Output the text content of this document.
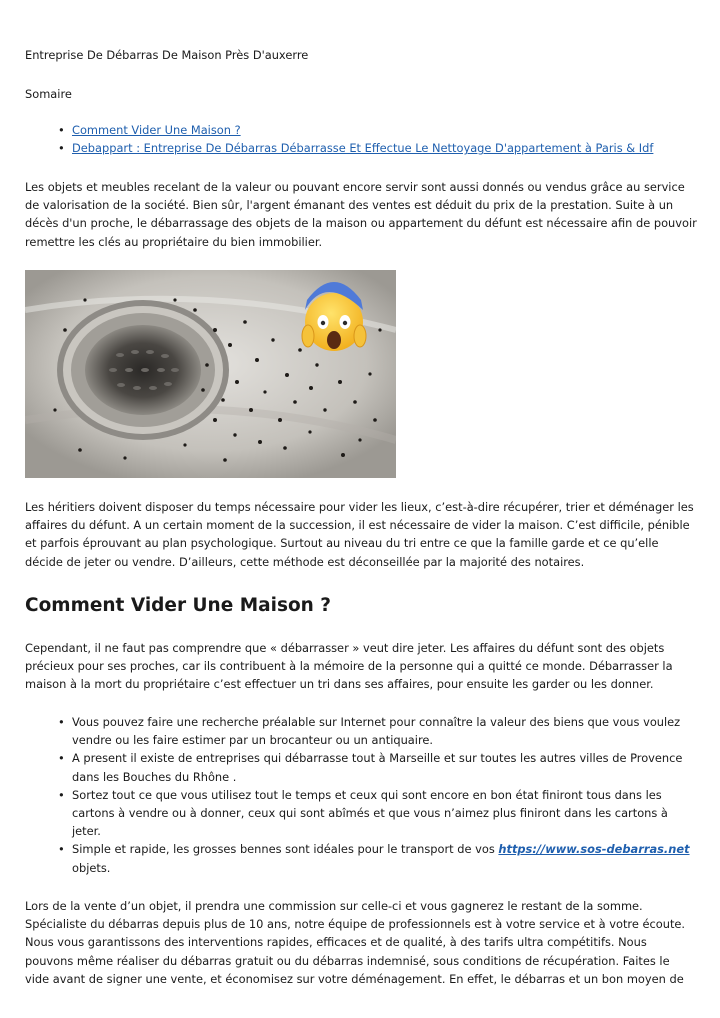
Entreprise De Débarras De Maison Près D'auxerre
Somaire
• Comment Vider Une Maison ?
• Debappart : Entreprise De Débarras Débarrasse Et Effectue Le Nettoyage D'appartement à Paris & Idf

Les objets et meubles recelant de la valeur ou pouvant encore servir sont aussi donnés ou vendus grâce au service de valorisation de la société. Bien sûr, l'argent émanant des ventes est déduit du prix de la prestation. Suite à un décès d'un proche, le débarrassage des objets de la maison ou appartement du défunt est nécessaire afin de pouvoir remettre les clés au propriétaire du bien immobilier.

Les héritiers doivent disposer du temps nécessaire pour vider les lieux, c’est-à-dire récupérer, trier et déménager les affaires du défunt. A un certain moment de la succession, il est nécessaire de vider la maison. C’est difficile, pénible et parfois éprouvant au plan psychologique. Surtout au niveau du tri entre ce que la famille garde et ce qu’elle décide de jeter ou vendre. D’ailleurs, cette méthode est déconseillée par la majorité des notaires.

Comment Vider Une Maison ?

Cependant, il ne faut pas comprendre que « débarrasser » veut dire jeter. Les affaires du défunt sont des objets précieux pour ses proches, car ils contribuent à la mémoire de la personne qui a quitté ce monde. Débarrasser la maison à la mort du propriétaire c’est effectuer un tri dans ses affaires, pour ensuite les garder ou les donner.

• Vous pouvez faire une recherche préalable sur Internet pour connaître la valeur des biens que vous voulez vendre ou les faire estimer par un brocanteur ou un antiquaire.
• A present il existe de entreprises qui débarrasse tout à Marseille et sur toutes les autres villes de Provence dans les Bouches du Rhône .
• Sortez tout ce que vous utilisez tout le temps et ceux qui sont encore en bon état finiront tous dans les cartons à vendre ou à donner, ceux qui sont abîmés et que vous n’aimez plus finiront dans les cartons à jeter.
• Simple et rapide, les grosses bennes sont idéales pour le transport de vos https://www.sos-debarras.net objets.

Lors de la vente d’un objet, il prendra une commission sur celle-ci et vous gagnerez le restant de la somme. Spécialiste du débarras depuis plus de 10 ans, notre équipe de professionnels est à votre service et à votre écoute. Nous vous garantissons des interventions rapides, efficaces et de qualité, à des tarifs ultra compétitifs. Nous pouvons même réaliser du débarras gratuit ou du débarras indemnisé, sous conditions de récupération. Faites le vide avant de signer une vente, et économisez sur votre déménagement. En effet, le débarras et un bon moyen de
